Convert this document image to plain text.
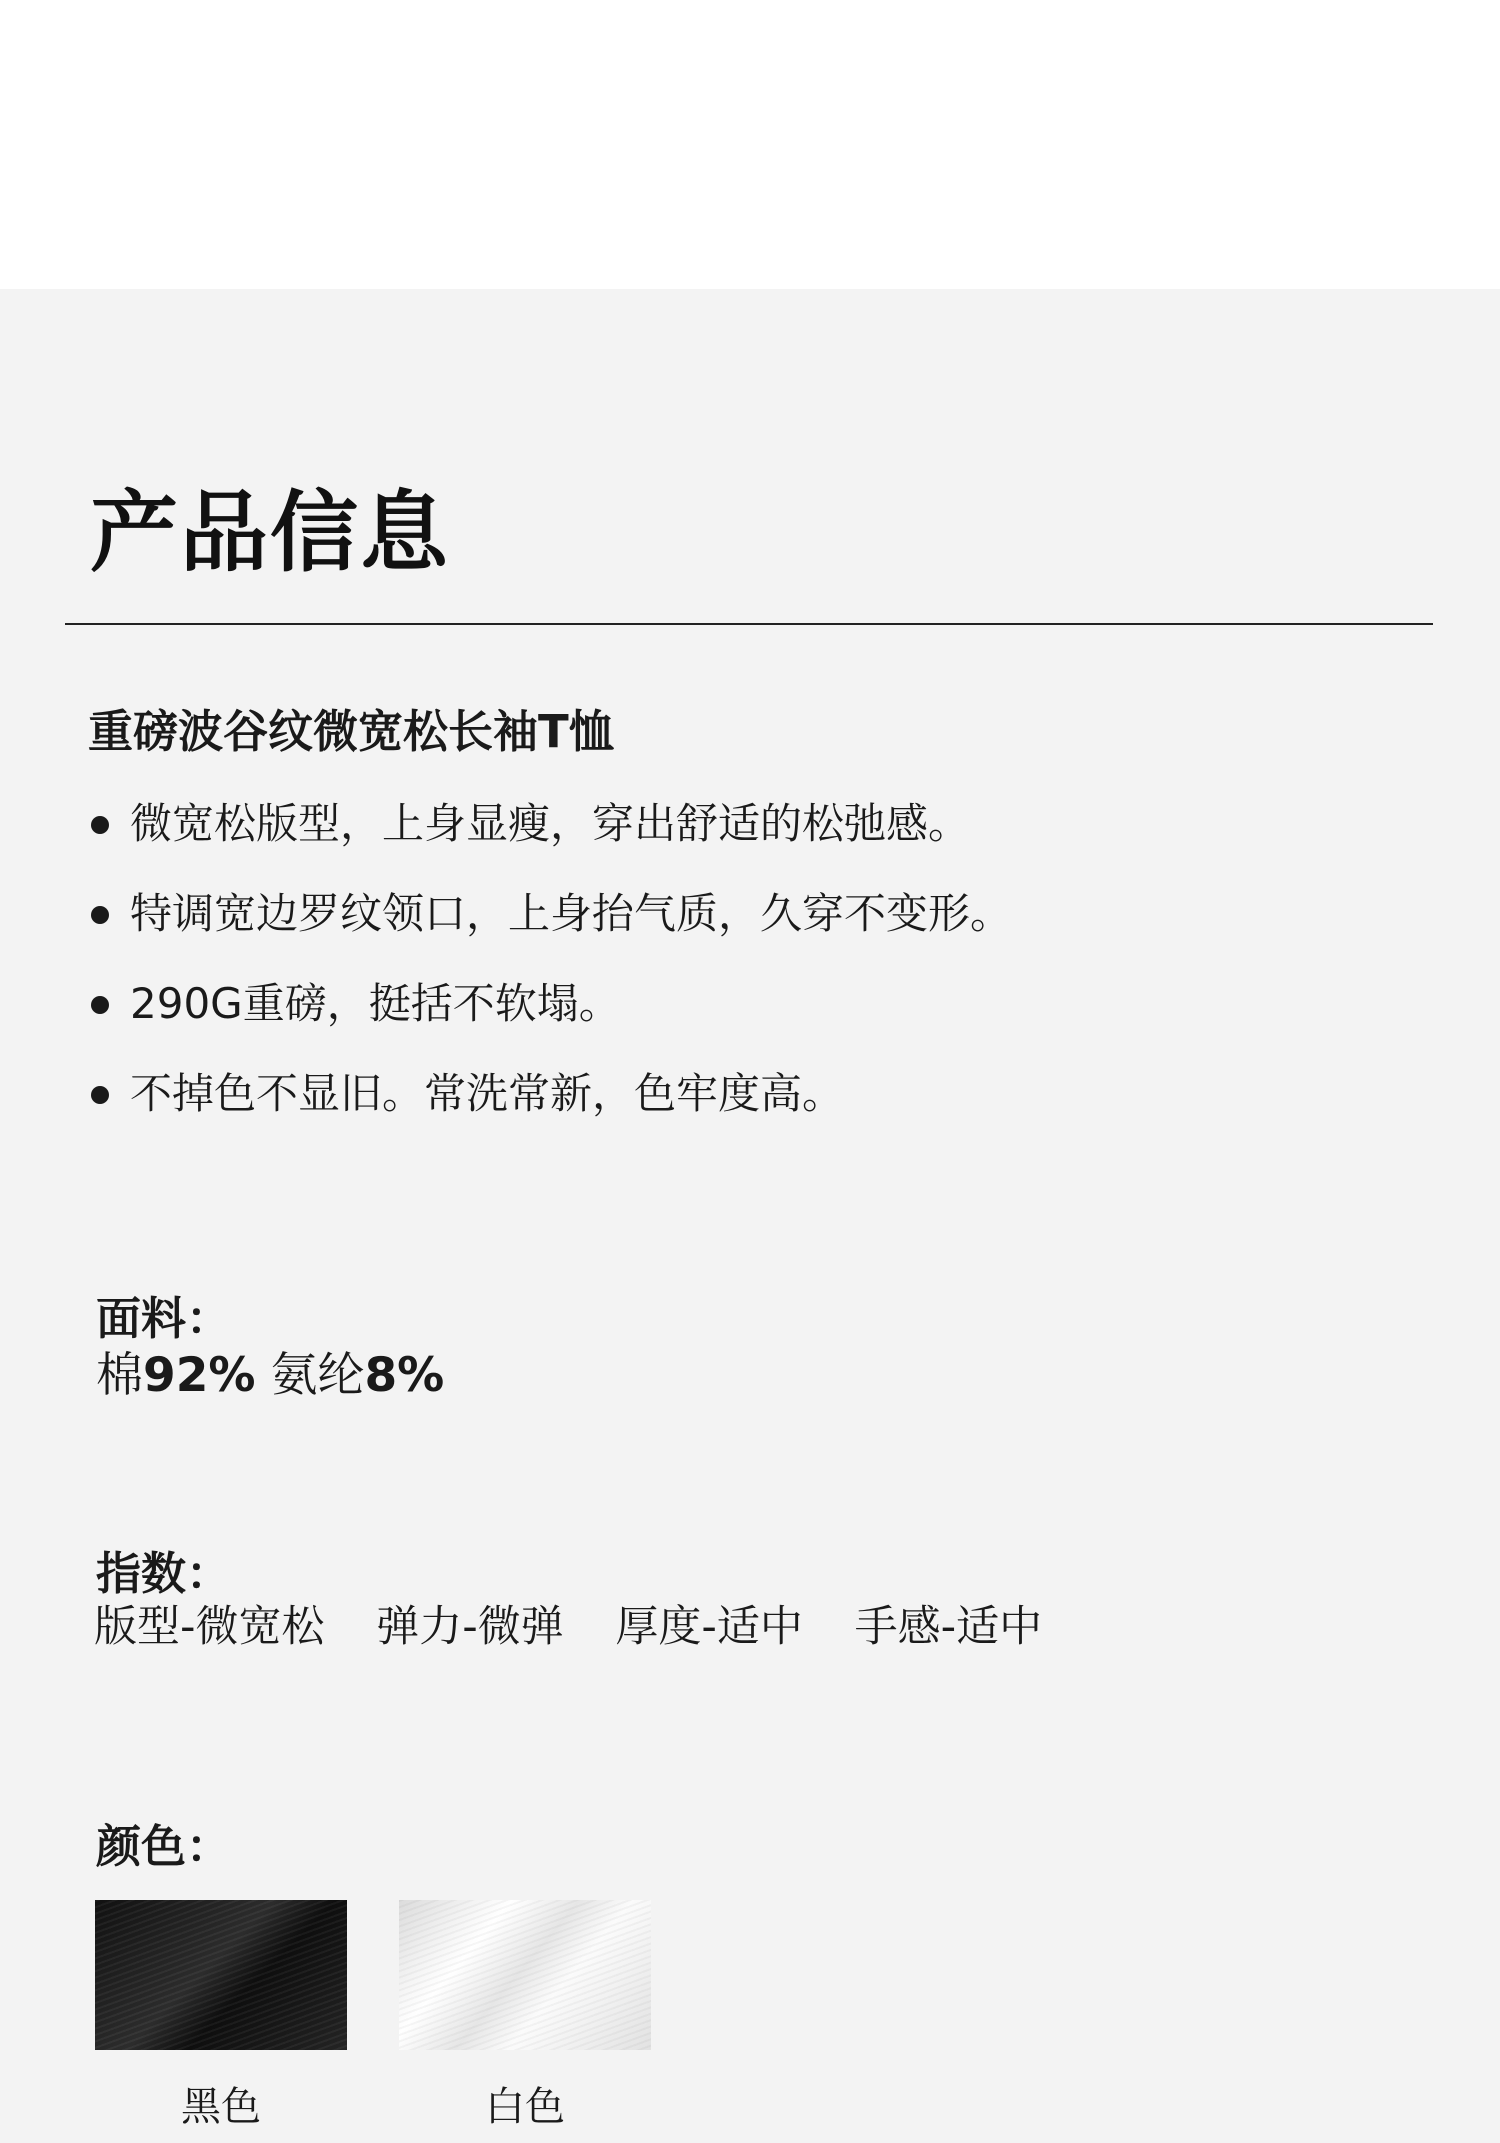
产品信息
重磅波谷纹微宽松长袖T恤
微宽松版型，上身显瘦，穿出舒适的松弛感。
特调宽边罗纹领口，上身抬气质，久穿不变形。
290G重磅，挺括不软塌。
不掉色不显旧。常洗常新，色牢度高。
面料：
棉92% 氨纶8%
指数：
版型-微宽松 弹力-微弹 厚度-适中 手感-适中
颜色：
黑色	白色
